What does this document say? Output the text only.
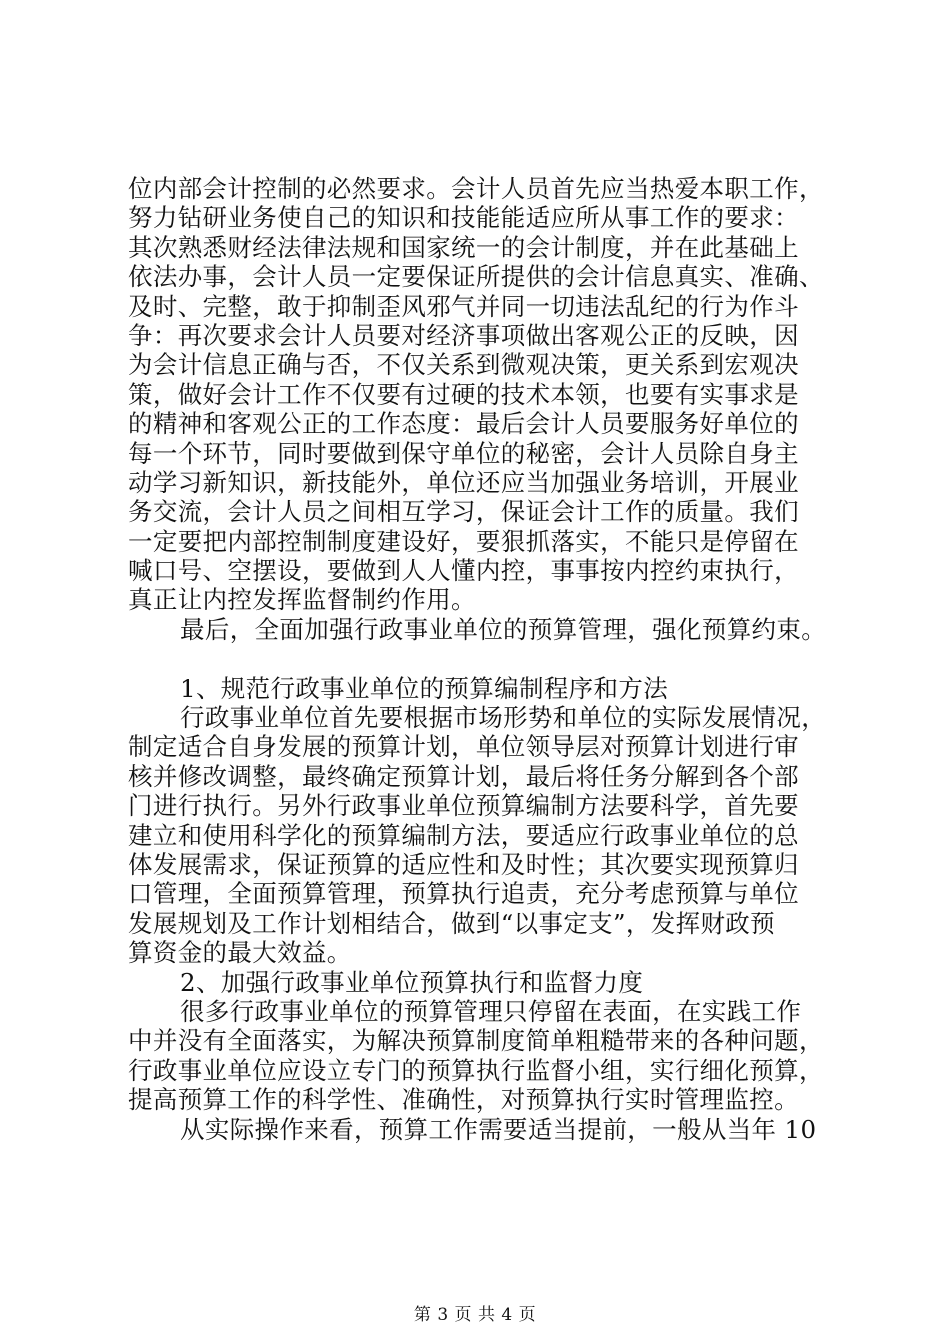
位内部会计控制的必然要求。会计人员首先应当热爱本职工作，
努力钻研业务使自己的知识和技能能适应所从事工作的要求：
其次熟悉财经法律法规和国家统一的会计制度，并在此基础上
依法办事，会计人员一定要保证所提供的会计信息真实、准确、
及时、完整，敢于抑制歪风邪气并同一切违法乱纪的行为作斗
争：再次要求会计人员要对经济事项做出客观公正的反映，因
为会计信息正确与否，不仅关系到微观决策，更关系到宏观决
策，做好会计工作不仅要有过硬的技术本领，也要有实事求是
的精神和客观公正的工作态度：最后会计人员要服务好单位的
每一个环节，同时要做到保守单位的秘密，会计人员除自身主
动学习新知识，新技能外，单位还应当加强业务培训，开展业
务交流，会计人员之间相互学习，保证会计工作的质量。我们
一定要把内部控制制度建设好，要狠抓落实，不能只是停留在
喊口号、空摆设，要做到人人懂内控，事事按内控约束执行，
真正让内控发挥监督制约作用。
最后，全面加强行政事业单位的预算管理，强化预算约束。
1、规范行政事业单位的预算编制程序和方法
行政事业单位首先要根据市场形势和单位的实际发展情况，
制定适合自身发展的预算计划，单位领导层对预算计划进行审
核并修改调整，最终确定预算计划，最后将任务分解到各个部
门进行执行。另外行政事业单位预算编制方法要科学，首先要
建立和使用科学化的预算编制方法，要适应行政事业单位的总
体发展需求，保证预算的适应性和及时性；其次要实现预算归
口管理，全面预算管理，预算执行追责，充分考虑预算与单位
发展规划及工作计划相结合，做到“以事定支”，发挥财政预
算资金的最大效益。
2、加强行政事业单位预算执行和监督力度
很多行政事业单位的预算管理只停留在表面，在实践工作
中并没有全面落实，为解决预算制度简单粗糙带来的各种问题，
行政事业单位应设立专门的预算执行监督小组，实行细化预算，
提高预算工作的科学性、准确性，对预算执行实时管理监控。
从实际操作来看，预算工作需要适当提前，一般从当年 10
第 3 页 共 4 页
